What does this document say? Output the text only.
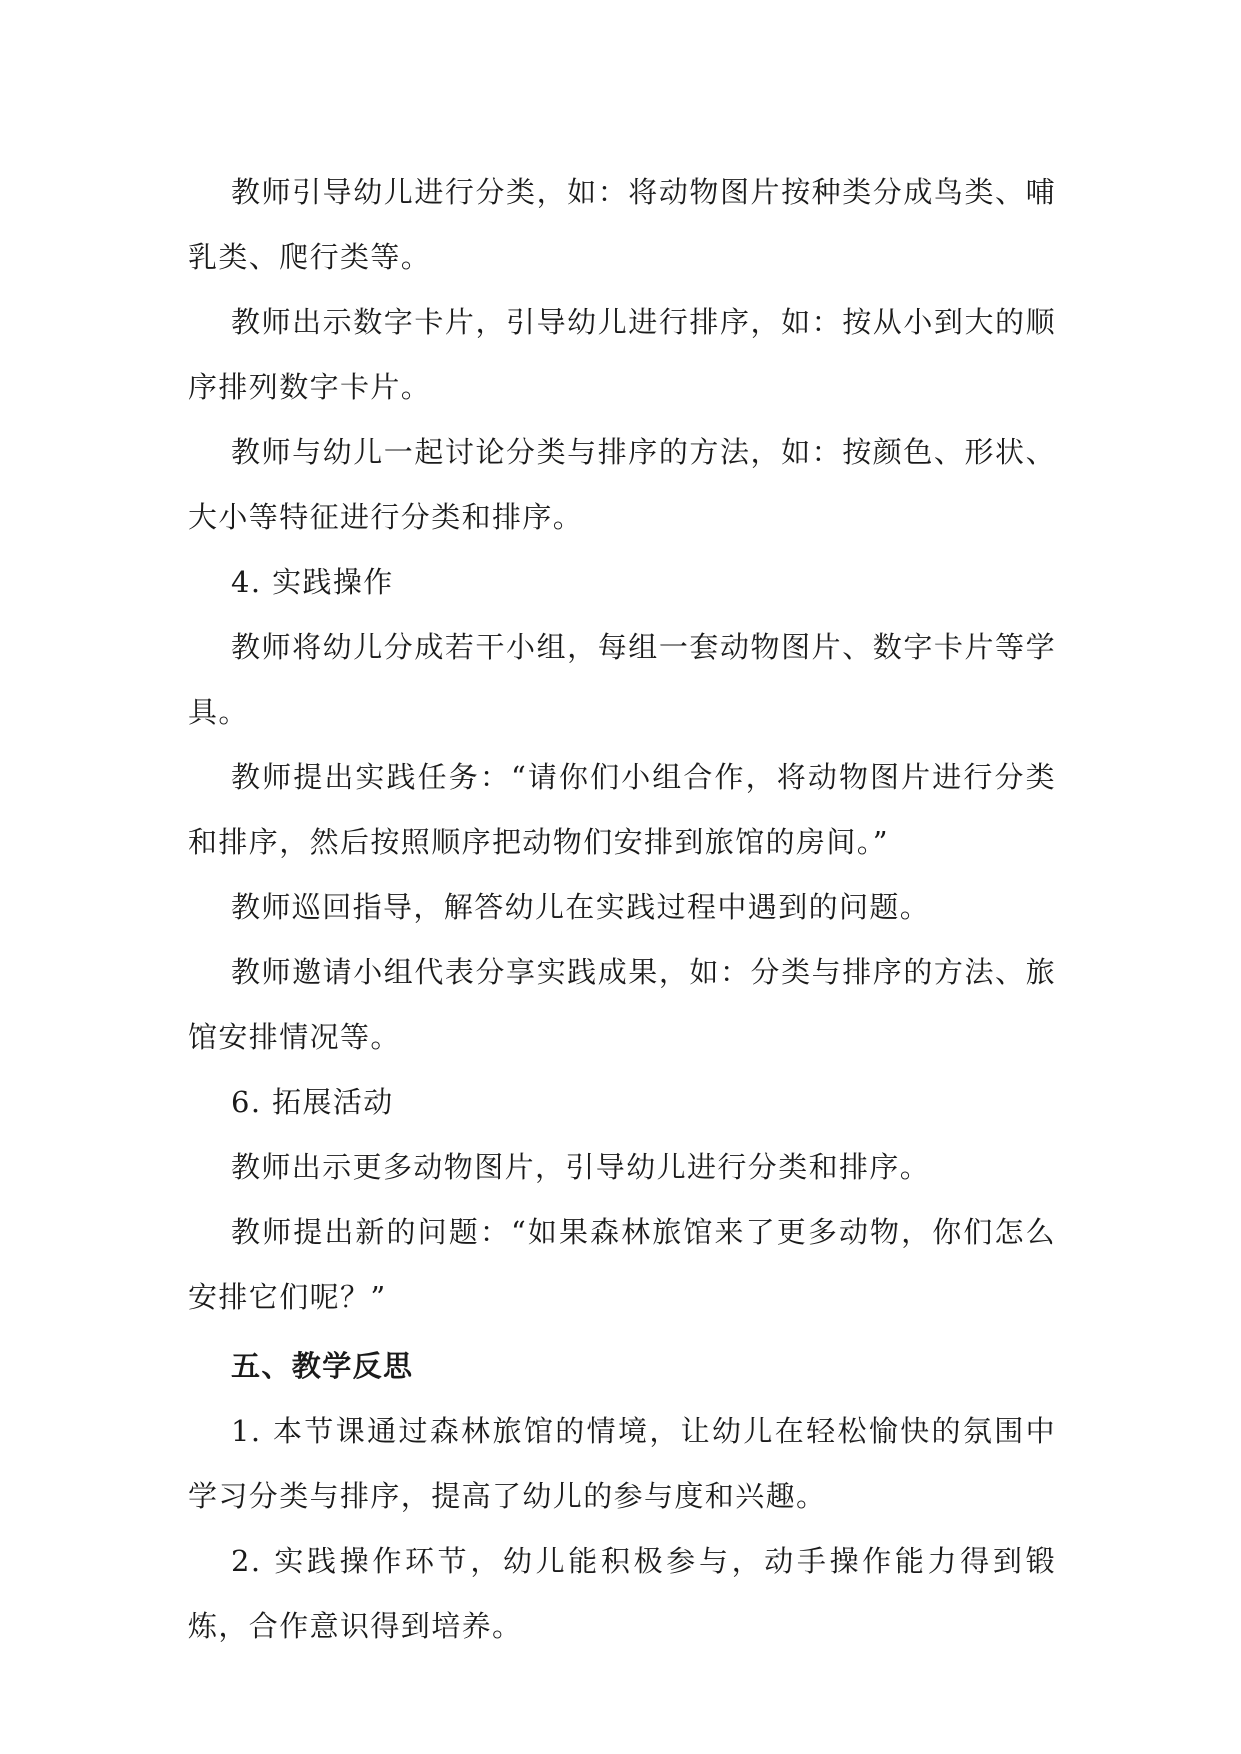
教师引导幼儿进行分类，如：将动物图片按种类分成鸟类、哺乳类、爬行类等。

教师出示数字卡片，引导幼儿进行排序，如：按从小到大的顺序排列数字卡片。

教师与幼儿一起讨论分类与排序的方法，如：按颜色、形状、大小等特征进行分类和排序。

4. 实践操作

教师将幼儿分成若干小组，每组一套动物图片、数字卡片等学具。

教师提出实践任务：“请你们小组合作，将动物图片进行分类和排序，然后按照顺序把动物们安排到旅馆的房间。”

教师巡回指导，解答幼儿在实践过程中遇到的问题。

教师邀请小组代表分享实践成果，如：分类与排序的方法、旅馆安排情况等。

6. 拓展活动

教师出示更多动物图片，引导幼儿进行分类和排序。

教师提出新的问题：“如果森林旅馆来了更多动物，你们怎么安排它们呢？”

五、教学反思

1. 本节课通过森林旅馆的情境，让幼儿在轻松愉快的氛围中学习分类与排序，提高了幼儿的参与度和兴趣。

2. 实践操作环节，幼儿能积极参与，动手操作能力得到锻炼，合作意识得到培养。
